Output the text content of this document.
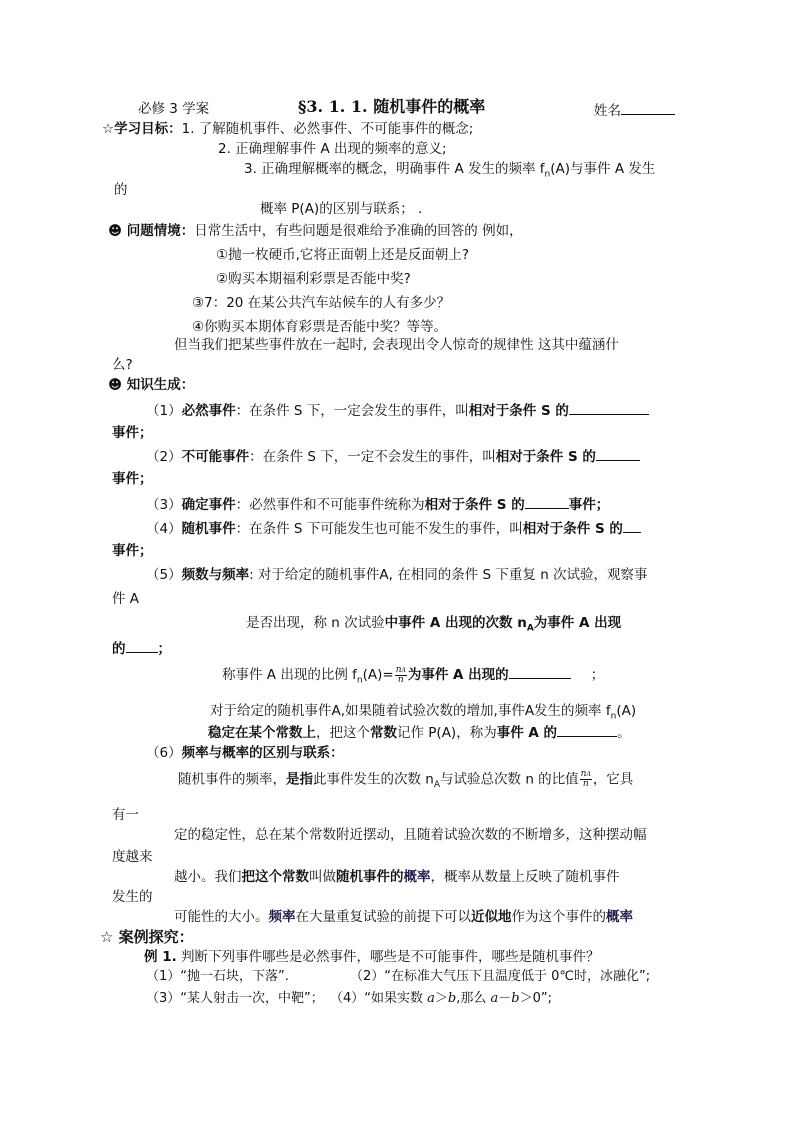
必修 3 学案	§3. 1. 1. 随机事件的概率	姓名
☆学习目标：1. 了解随机事件、必然事件、不可能事件的概念;
2. 正确理解事件 A 出现的频率的意义;
3. 正确理解概率的概念，明确事件 A 发生的频率 $f_n(A)$与事件 A 发生
的
概率 P(A)的区别与联系； .
☻ 问题情境：日常生活中，有些问题是很难给予准确的回答的 例如，
①抛一枚硬币,它将正面朝上还是反面朝上?
②购买本期福利彩票是否能中奖?
③7：20 在某公共汽车站候车的人有多少？
④你购买本期体育彩票是否能中奖？等等。
但当我们把某些事件放在一起时, 会表现出令人惊奇的规律性 这其中蕴涵什
么?
☻ 知识生成：
（1）必然事件：在条件 S 下，一定会发生的事件，叫相对于条件 S 的
事件；
（2）不可能事件：在条件 S 下，一定不会发生的事件，叫相对于条件 S 的
事件；
（3）确定事件：必然事件和不可能事件统称为相对于条件 S 的	事件；
（4）随机事件：在条件 S 下可能发生也可能不发生的事件，叫相对于条件 S 的
事件；
（5）频数与频率: 对于给定的随机事件A, 在相同的条件 S 下重复 n 次试验，观察事
件 A
是否出现，称 n 次试验中事件 A 出现的次数 $n_A$为事件 A 出现
的 ；
称事件 A 出现的比例 $f_n(A)= \frac{nA}{n}$ 为事件 A 出现的	；
对于给定的随机事件A,如果随着试验次数的增加,事件A发生的频率 $f_n(A)$
稳定在某个常数上，把这个常数记作 P(A)，称为事件 A 的	。
（6）频率与概率的区别与联系：
随机事件的频率，是指此事件发生的次数 $n_A$与试验总次数 n 的比值 $\frac{nA}{n}$ ，它具
有一
定的稳定性，总在某个常数附近摆动，且随着试验次数的不断增多，这种摆动幅
度越来
越小。我们把这个常数叫做随机事件的概率，概率从数量上反映了随机事件
发生的
可能性的大小。频率在大量重复试验的前提下可以近似地作为这个事件的概率
☆ 案例探究：
例 1. 判断下列事件哪些是必然事件，哪些是不可能事件，哪些是随机事件？
（1）“抛一石块，下落”.	（2）“在标准大气压下且温度低于 0℃时，冰融化”;
（3）“某人射击一次，中靶”； （4）“如果实数 a＞b,那么 a－b＞0”;
